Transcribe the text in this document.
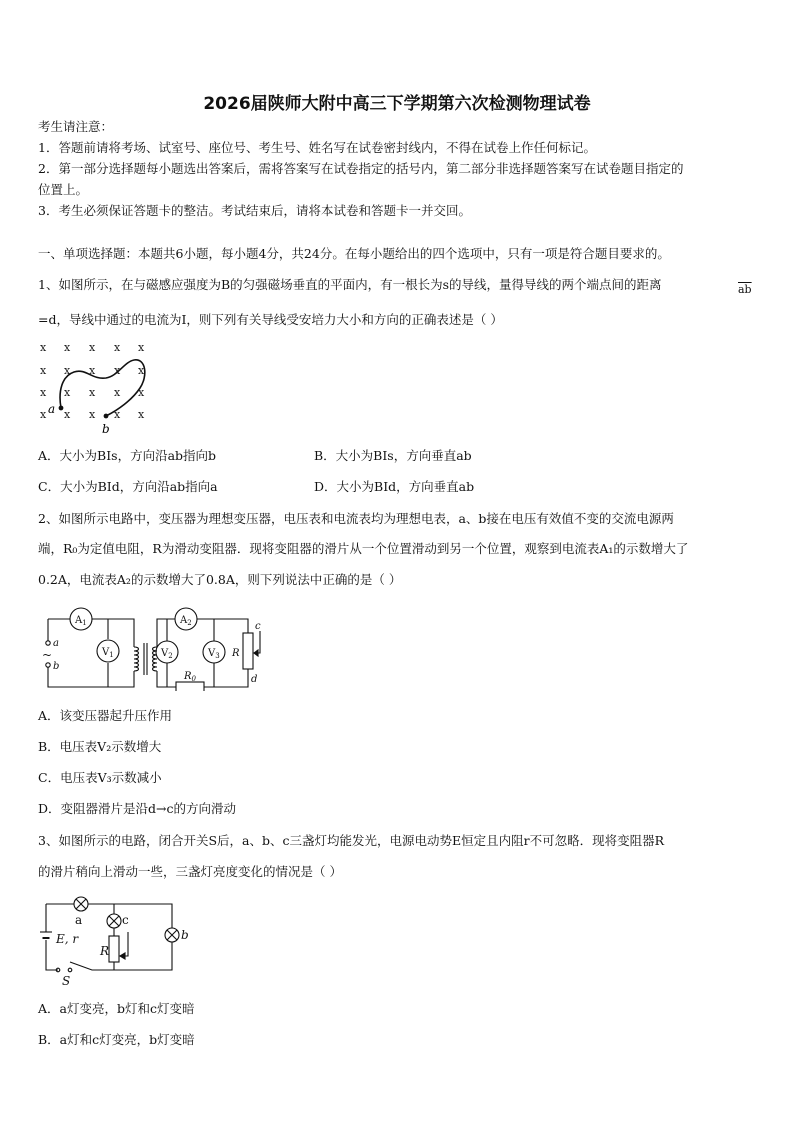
2026届陕师大附中高三下学期第六次检测物理试卷
考生请注意：
1．答题前请将考场、试室号、座位号、考生号、姓名写在试卷密封线内，不得在试卷上作任何标记。
2．第一部分选择题每小题选出答案后，需将答案写在试卷指定的括号内，第二部分非选择题答案写在试卷题目指定的
位置上。
3．考生必须保证答题卡的整洁。考试结束后，请将本试卷和答题卡一并交回。
一、单项选择题：本题共6小题，每小题4分，共24分。在每小题给出的四个选项中，只有一项是符合题目要求的。
1、如图所示，在与磁感应强度为B的匀强磁场垂直的平面内，有一根长为s的导线，量得导线的两个端点间的距离	$\overline{ab}$
=d，导线中通过的电流为I，则下列有关导线受安培力大小和方向的正确表述是（ ）
x x x x x
x x x x x
x x x x x
x x x x x
a
b
A．大小为BIs，方向沿ab指向b	B．大小为BIs，方向垂直ab
C．大小为BId，方向沿ab指向a	D．大小为BId，方向垂直ab
2、如图所示电路中，变压器为理想变压器，电压表和电流表均为理想电表，a、b接在电压有效值不变的交流电源两
端，R₀为定值电阻，R为滑动变阻器．现将变阻器的滑片从一个位置滑动到另一个位置，观察到电流表A₁的示数增大了
0.2A，电流表A₂的示数增大了0.8A，则下列说法中正确的是（ ）
$A_1$	$A_2$
$V_1$	$V_2$	$V_3$
$R_0$
R
c
d
a
b
~
A．该变压器起升压作用
B．电压表V₂示数增大
C．电压表V₃示数减小
D．变阻器滑片是沿d→c的方向滑动
3、如图所示的电路，闭合开关S后，a、b、c三盏灯均能发光，电源电动势E恒定且内阻r不可忽略．现将变阻器R
的滑片稍向上滑动一些，三盏灯亮度变化的情况是（ ）
a	c
b
E, r
R
S
A．a灯变亮，b灯和c灯变暗
B．a灯和c灯变亮，b灯变暗
